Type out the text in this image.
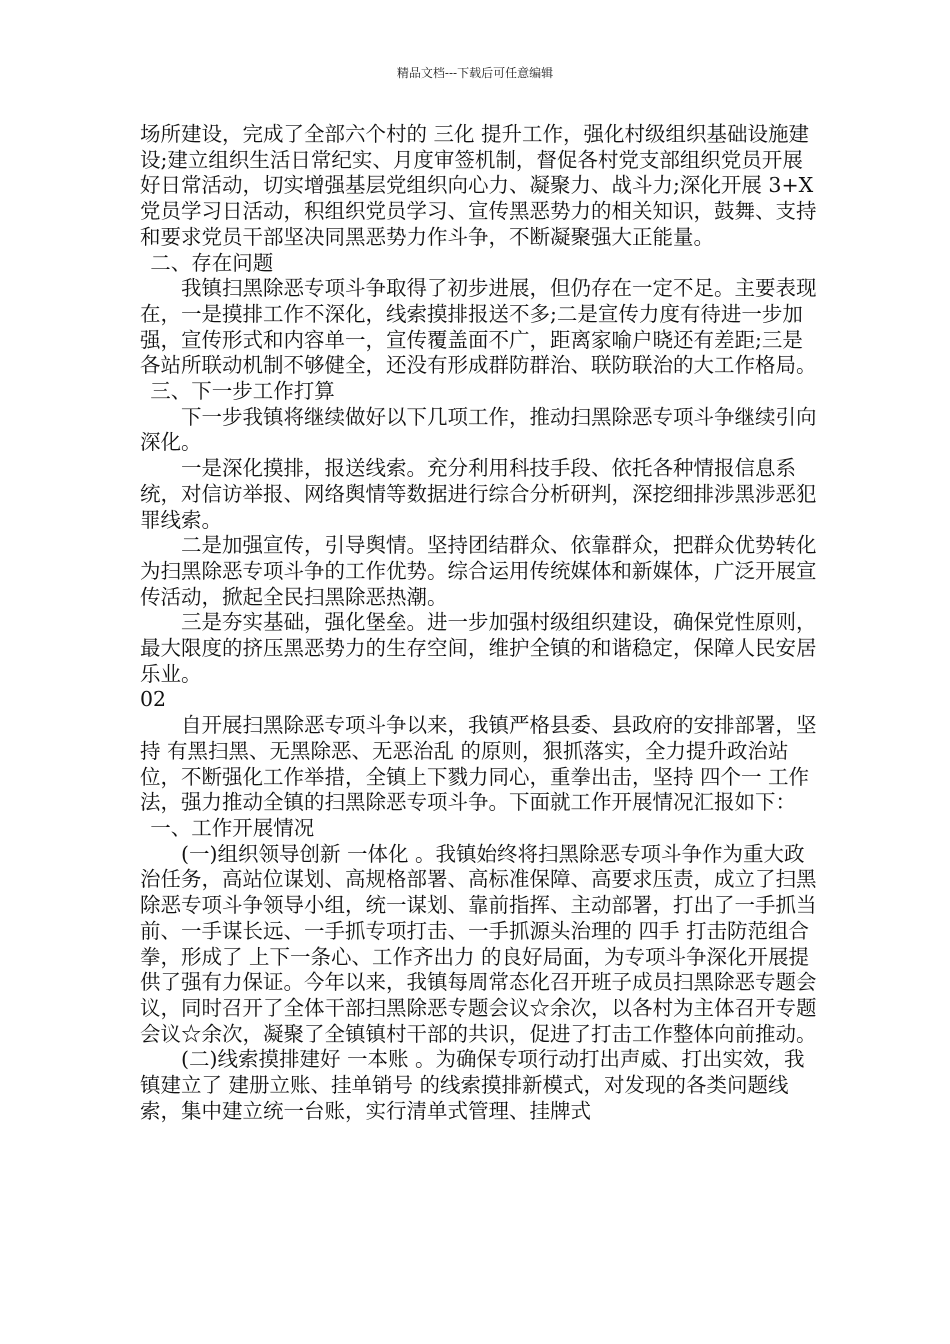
精品文档---下载后可任意编辑

场所建设，完成了全部六个村的 三化 提升工作，强化村级组织基础设施建设;建立组织生活日常纪实、月度审签机制，督促各村党支部组织党员开展好日常活动，切实增强基层党组织向心力、凝聚力、战斗力;深化开展 3+X 党员学习日活动，积组织党员学习、宣传黑恶势力的相关知识，鼓舞、支持和要求党员干部坚决同黑恶势力作斗争，不断凝聚强大正能量。

二、存在问题

我镇扫黑除恶专项斗争取得了初步进展，但仍存在一定不足。主要表现在，一是摸排工作不深化，线索摸排报送不多;二是宣传力度有待进一步加强，宣传形式和内容单一，宣传覆盖面不广，距离家喻户晓还有差距;三是各站所联动机制不够健全，还没有形成群防群治、联防联治的大工作格局。

三、下一步工作打算

下一步我镇将继续做好以下几项工作，推动扫黑除恶专项斗争继续引向深化。

一是深化摸排，报送线索。充分利用科技手段、依托各种情报信息系统，对信访举报、网络舆情等数据进行综合分析研判，深挖细排涉黑涉恶犯罪线索。

二是加强宣传，引导舆情。坚持团结群众、依靠群众，把群众优势转化为扫黑除恶专项斗争的工作优势。综合运用传统媒体和新媒体，广泛开展宣传活动，掀起全民扫黑除恶热潮。

三是夯实基础，强化堡垒。进一步加强村级组织建设，确保党性原则，最大限度的挤压黑恶势力的生存空间，维护全镇的和谐稳定，保障人民安居乐业。

02

自开展扫黑除恶专项斗争以来，我镇严格县委、县政府的安排部署，坚持 有黑扫黑、无黑除恶、无恶治乱 的原则，狠抓落实，全力提升政治站位，不断强化工作举措，全镇上下戮力同心，重拳出击，坚持 四个一 工作法，强力推动全镇的扫黑除恶专项斗争。下面就工作开展情况汇报如下：

一、工作开展情况

(一)组织领导创新 一体化 。我镇始终将扫黑除恶专项斗争作为重大政治任务，高站位谋划、高规格部署、高标准保障、高要求压责，成立了扫黑除恶专项斗争领导小组，统一谋划、靠前指挥、主动部署，打出了一手抓当前、一手谋长远、一手抓专项打击、一手抓源头治理的 四手 打击防范组合拳，形成了 上下一条心、工作齐出力 的良好局面，为专项斗争深化开展提供了强有力保证。今年以来，我镇每周常态化召开班子成员扫黑除恶专题会议，同时召开了全体干部扫黑除恶专题会议☆余次，以各村为主体召开专题会议☆余次，凝聚了全镇镇村干部的共识，促进了打击工作整体向前推动。

(二)线索摸排建好 一本账 。为确保专项行动打出声威、打出实效，我镇建立了 建册立账、挂单销号 的线索摸排新模式，对发现的各类问题线索，集中建立统一台账，实行清单式管理、挂牌式
